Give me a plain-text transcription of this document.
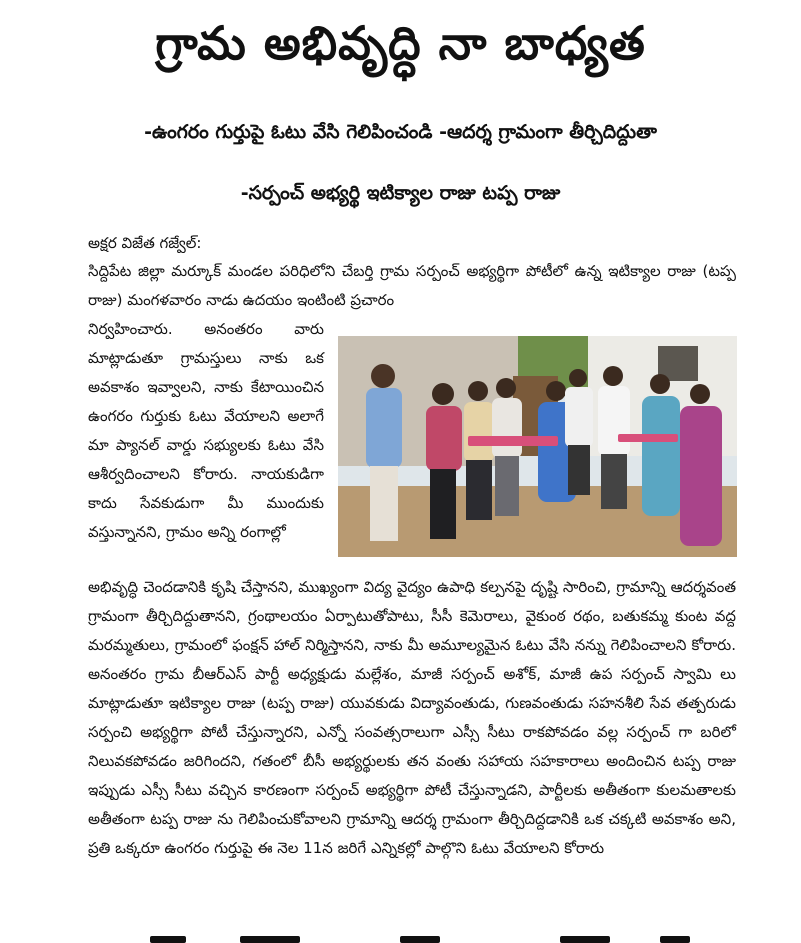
గ్రామ అభివృద్ధి నా బాధ్యత

-ఉంగరం గుర్తుపై ఓటు వేసి గెలిపించండి -ఆదర్శ గ్రామంగా తీర్చిదిద్దుతా

-సర్పంచ్ అభ్యర్థి ఇటిక్యాల రాజు టప్ప రాజు

అక్షర విజేత గజ్వేల్:

సిద్దిపేట జిల్లా మర్కూక్ మండల పరిధిలోని చేబర్తి గ్రామ సర్పంచ్ అభ్యర్థిగా పోటీలో ఉన్న ఇటిక్యాల రాజు (టప్ప రాజు) మంగళవారం నాడు ఉదయం ఇంటింటి ప్రచారం

నిర్వహించారు. అనంతరం వారు మాట్లాడుతూ గ్రామస్తులు నాకు ఒక అవకాశం ఇవ్వాలని, నాకు కేటాయించిన ఉంగరం గుర్తుకు ఓటు వేయాలని అలాగే మా ప్యానల్ వార్డు సభ్యులకు ఓటు వేసి ఆశీర్వదించాలని కోరారు. నాయకుడిగా కాదు సేవకుడుగా మీ ముందుకు వస్తున్నానని, గ్రామం అన్ని రంగాల్లో

అభివృద్ధి చెందడానికి కృషి చేస్తానని, ముఖ్యంగా విద్య వైద్యం ఉపాధి కల్పనపై దృష్టి సారించి, గ్రామాన్ని ఆదర్శవంత గ్రామంగా తీర్చిదిద్దుతానని, గ్రంథాలయం ఏర్పాటుతోపాటు, సీసీ కెమెరాలు, వైకుంఠ రథం, బతుకమ్మ కుంట వద్ద మరమ్మతులు, గ్రామంలో ఫంక్షన్ హాల్ నిర్మిస్తానని, నాకు మీ అమూల్యమైన ఓటు వేసి నన్ను గెలిపించాలని కోరారు. అనంతరం గ్రామ బీఆర్ఎస్ పార్టీ అధ్యక్షుడు మల్లేశం, మాజీ సర్పంచ్ అశోక్, మాజీ ఉప సర్పంచ్ స్వామి లు మాట్లాడుతూ ఇటిక్యాల రాజు (టప్ప రాజు) యువకుడు విద్యావంతుడు, గుణవంతుడు సహనశీలి సేవ తత్పరుడు సర్పంచి అభ్యర్థిగా పోటీ చేస్తున్నారని, ఎన్నో సంవత్సరాలుగా ఎస్సీ సీటు రాకపోవడం వల్ల సర్పంచ్ గా బరిలో నిలువకపోవడం జరిగిందని, గతంలో బీసీ అభ్యర్థులకు తన వంతు సహాయ సహకారాలు అందించిన టప్ప రాజు ఇప్పుడు ఎస్సీ సీటు వచ్చిన కారణంగా సర్పంచ్ అభ్యర్థిగా పోటీ చేస్తున్నాడని, పార్టీలకు అతీతంగా కులమతాలకు అతీతంగా టప్ప రాజు ను గెలిపించుకోవాలని గ్రామాన్ని ఆదర్శ గ్రామంగా తీర్చిదిద్దడానికి ఒక చక్కటి అవకాశం అని, ప్రతి ఒక్కరూ ఉంగరం గుర్తుపై ఈ నెల 11న జరిగే ఎన్నికల్లో పాల్గొని ఓటు వేయాలని కోరారు
